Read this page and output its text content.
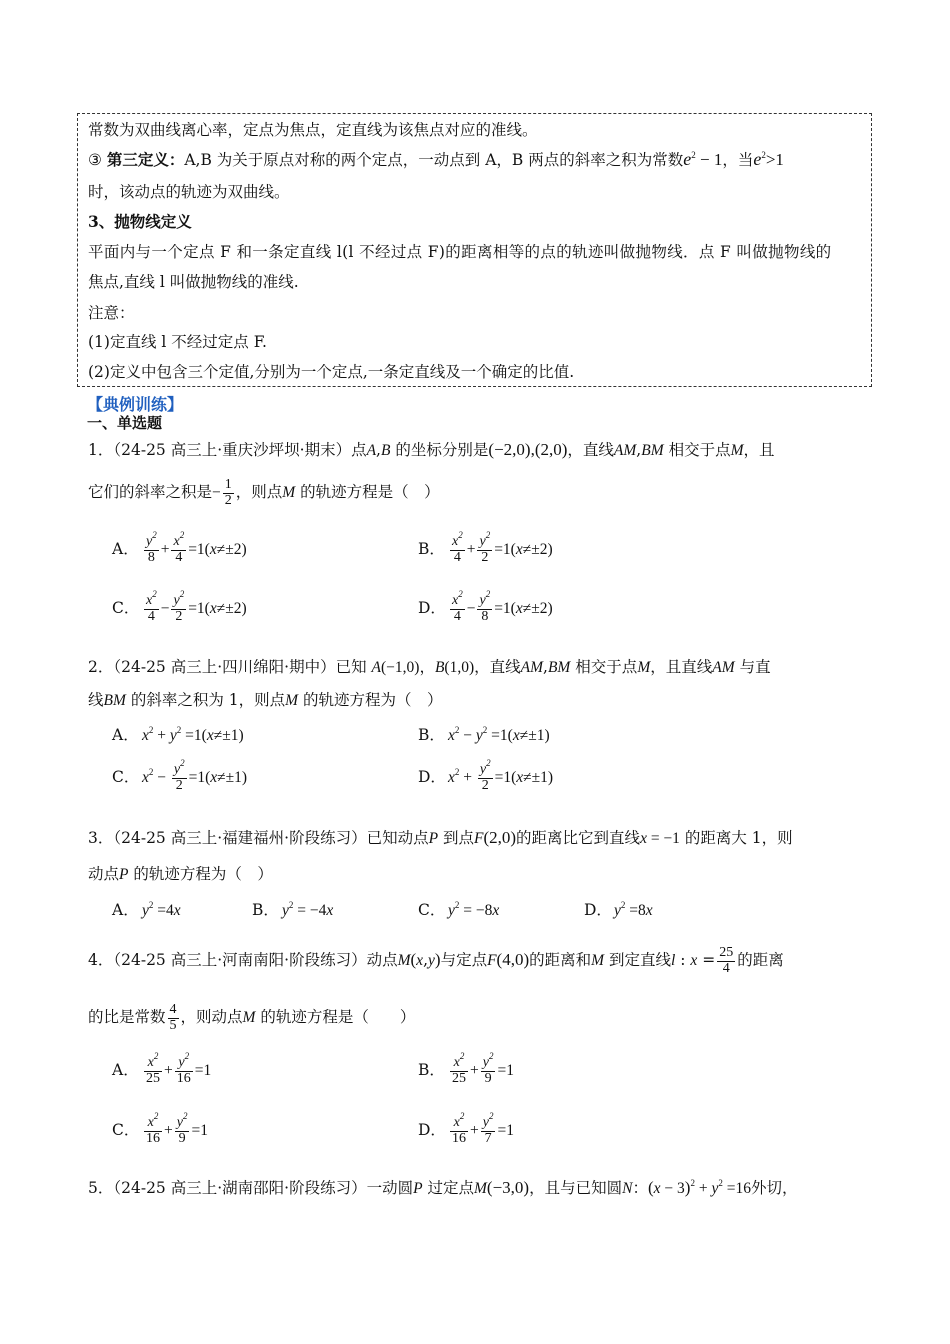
常数为双曲线离心率，定点为焦点，定直线为该焦点对应的准线。
③ 第三定义：A,B 为关于原点对称的两个定点，一动点到 A，B 两点的斜率之积为常数$e^2 - 1$，当$e^2>1$
时，该动点的轨迹为双曲线。
3、抛物线定义
平面内与一个定点 F 和一条定直线 l(l 不经过点 F)的距离相等的点的轨迹叫做抛物线．点 F 叫做抛物线的
焦点,直线 l 叫做抛物线的准线.
注意：
(1)定直线 l 不经过定点 F.
(2)定义中包含三个定值,分别为一个定点,一条定直线及一个确定的比值.
【典例训练】
一、单选题
1．（24-25 高三上·重庆沙坪坝·期末）点A,B 的坐标分别是(−2,0),(2,0)，直线AM,BM 相交于点M，且
它们的斜率之积是− $\frac{1}{2}$ ，则点M 的轨迹方程是（　）
A． $\frac{y^2}{8} + \frac{x^2}{4} =1(x\ne\pm 2)$	B． $\frac{x^2}{4} + \frac{y^2}{2} =1(x\ne\pm 2)$
C． $\frac{x^2}{4} - \frac{y^2}{2} =1(x\ne\pm 2)$	D． $\frac{x^2}{4} - \frac{y^2}{8} =1(x\ne\pm 2)$
2．（24-25 高三上·四川绵阳·期中）已知 A(−1,0)，B(1,0)，直线AM,BM 相交于点M，且直线AM 与直
线BM 的斜率之积为 1，则点M 的轨迹方程为（　）
A． $x^2 + y^2 =1(x\ne\pm 1)$	B． $x^2 - y^2 =1(x\ne\pm 1)$
C． $x^2 - \frac{y^2}{2} =1(x\ne\pm 1)$	D． $x^2 + \frac{y^2}{2} =1(x\ne\pm 1)$
3．（24-25 高三上·福建福州·阶段练习）已知动点P 到点F(2,0)的距离比它到直线x = −1 的距离大 1，则
动点P 的轨迹方程为（　）
A． $y^2 =4x$	B． $y^2 = -4x$	C． $y^2 = -8x$	D． $y^2 =8x$
4．（24-25 高三上·河南南阳·阶段练习）动点M(x,y)与定点F(4,0)的距离和M 到定直线l : $x = \frac{25}{4}$ 的距离
的比是常数 $\frac{4}{5}$ ，则动点M 的轨迹方程是（　　）
A． $\frac{x^2}{25} + \frac{y^2}{16} =1$	B． $\frac{x^2}{25} + \frac{y^2}{9} =1$
C． $\frac{x^2}{16} + \frac{y^2}{9} =1$	D． $\frac{x^2}{16} + \frac{y^2}{7} =1$
5．（24-25 高三上·湖南邵阳·阶段练习）一动圆P 过定点M(−3,0)，且与已知圆N：$(x - 3)^2 + y^2 =16$外切，
